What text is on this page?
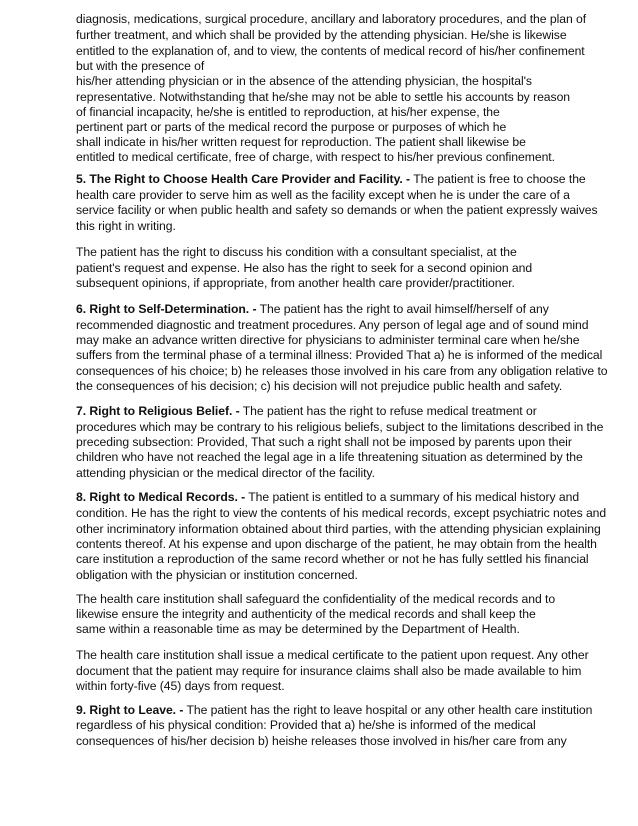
diagnosis, medications, surgical procedure, ancillary and laboratory procedures, and the plan of
further treatment, and which shall be provided by the attending physician. He/she is likewise
entitled to the explanation of, and to view, the contents of medical record of his/her confinement
but with the presence of
his/her attending physician or in the absence of the attending physician, the hospital's
representative. Notwithstanding that he/she may not be able to settle his accounts by reason
of financial incapacity, he/she is entitled to reproduction, at his/her expense, the
pertinent part or parts of the medical record the purpose or purposes of which he
shall indicate in his/her written request for reproduction. The patient shall likewise be
entitled to medical certificate, free of charge, with respect to his/her previous confinement.
5. The Right to Choose Health Care Provider and Facility. - The patient is free to choose the
health care provider to serve him as well as the facility except when he is under the care of a
service facility or when public health and safety so demands or when the patient expressly waives
this right in writing.
The patient has the right to discuss his condition with a consultant specialist, at the
patient's request and expense. He also has the right to seek for a second opinion and
subsequent opinions, if appropriate, from another health care provider/practitioner.
6. Right to Self-Determination. - The patient has the right to avail himself/herself of any
recommended diagnostic and treatment procedures. Any person of legal age and of sound mind
may make an advance written directive for physicians to administer terminal care when he/she
suffers from the terminal phase of a terminal illness: Provided That a) he is informed of the medical
consequences of his choice; b) he releases those involved in his care from any obligation relative to
the consequences of his decision; c) his decision will not prejudice public health and safety.
7. Right to Religious Belief. - The patient has the right to refuse medical treatment or
procedures which may be contrary to his religious beliefs, subject to the limitations described in the
preceding subsection: Provided, That such a right shall not be imposed by parents upon their
children who have not reached the legal age in a life threatening situation as determined by the
attending physician or the medical director of the facility.
8. Right to Medical Records. - The patient is entitled to a summary of his medical history and
condition. He has the right to view the contents of his medical records, except psychiatric notes and
other incriminatory information obtained about third parties, with the attending physician explaining
contents thereof. At his expense and upon discharge of the patient, he may obtain from the health
care institution a reproduction of the same record whether or not he has fully settled his financial
obligation with the physician or institution concerned.
The health care institution shall safeguard the confidentiality of the medical records and to
likewise ensure the integrity and authenticity of the medical records and shall keep the
same within a reasonable time as may be determined by the Department of Health.
The health care institution shall issue a medical certificate to the patient upon request. Any other
document that the patient may require for insurance claims shall also be made available to him
within forty-five (45) days from request.
9. Right to Leave. - The patient has the right to leave hospital or any other health care institution
regardless of his physical condition: Provided that a) he/she is informed of the medical
consequences of his/her decision b) heishe releases those involved in his/her care from any
